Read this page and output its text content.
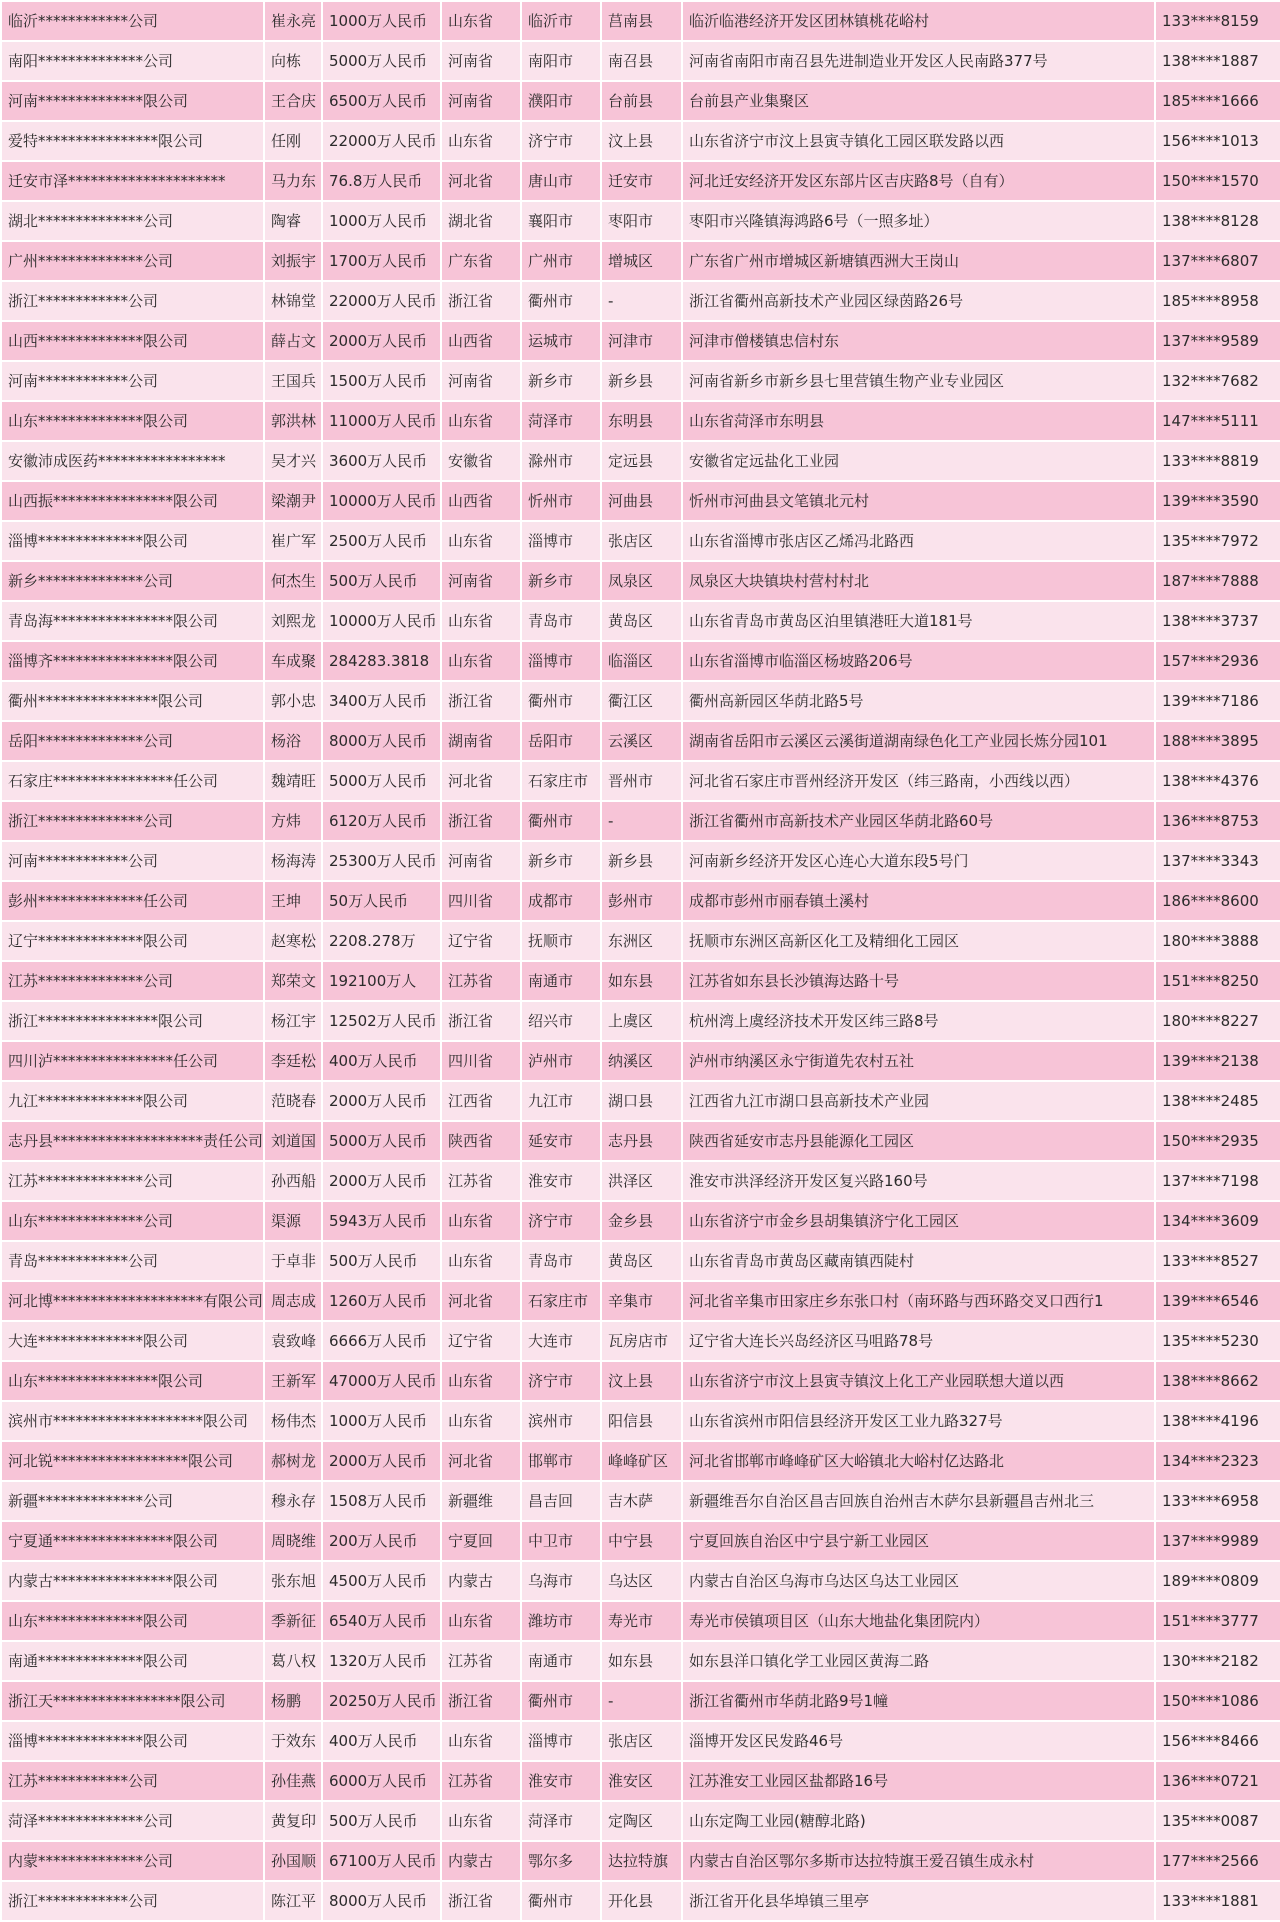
临沂************公司	崔永亮	1000万人民币	山东省	临沂市	莒南县	临沂临港经济开发区团林镇桃花峪村	133****8159
南阳**************公司	向栋	5000万人民币	河南省	南阳市	南召县	河南省南阳市南召县先进制造业开发区人民南路377号	138****1887
河南**************限公司	王合庆	6500万人民币	河南省	濮阳市	台前县	台前县产业集聚区	185****1666
爱特****************限公司	任刚	22000万人民币	山东省	济宁市	汶上县	山东省济宁市汶上县寅寺镇化工园区联发路以西	156****1013
迁安市泽*********************	马力东	76.8万人民币	河北省	唐山市	迁安市	河北迁安经济开发区东部片区吉庆路8号（自有）	150****1570
湖北**************公司	陶睿	1000万人民币	湖北省	襄阳市	枣阳市	枣阳市兴隆镇海鸿路6号（一照多址）	138****8128
广州**************公司	刘振宇	1700万人民币	广东省	广州市	增城区	广东省广州市增城区新塘镇西洲大王岗山	137****6807
浙江************公司	林锦堂	22000万人民币	浙江省	衢州市	-	浙江省衢州高新技术产业园区绿茵路26号	185****8958
山西**************限公司	薛占文	2000万人民币	山西省	运城市	河津市	河津市僧楼镇忠信村东	137****9589
河南************公司	王国兵	1500万人民币	河南省	新乡市	新乡县	河南省新乡市新乡县七里营镇生物产业专业园区	132****7682
山东**************限公司	郭洪林	11000万人民币	山东省	菏泽市	东明县	山东省菏泽市东明县	147****5111
安徽沛成医药*****************	吴才兴	3600万人民币	安徽省	滁州市	定远县	安徽省定远盐化工业园	133****8819
山西振****************限公司	梁潮尹	10000万人民币	山西省	忻州市	河曲县	忻州市河曲县文笔镇北元村	139****3590
淄博**************限公司	崔广军	2500万人民币	山东省	淄博市	张店区	山东省淄博市张店区乙烯冯北路西	135****7972
新乡**************公司	何杰生	500万人民币	河南省	新乡市	凤泉区	凤泉区大块镇块村营村村北	187****7888
青岛海****************限公司	刘熙龙	10000万人民币	山东省	青岛市	黄岛区	山东省青岛市黄岛区泊里镇港旺大道181号	138****3737
淄博齐****************限公司	车成聚	284283.3818	山东省	淄博市	临淄区	山东省淄博市临淄区杨坡路206号	157****2936
衢州****************限公司	郭小忠	3400万人民币	浙江省	衢州市	衢江区	衢州高新园区华荫北路5号	139****7186
岳阳**************公司	杨浴	8000万人民币	湖南省	岳阳市	云溪区	湖南省岳阳市云溪区云溪街道湖南绿色化工产业园长炼分园101	188****3895
石家庄****************任公司	魏靖旺	5000万人民币	河北省	石家庄市	晋州市	河北省石家庄市晋州经济开发区（纬三路南，小西线以西）	138****4376
浙江**************公司	方炜	6120万人民币	浙江省	衢州市	-	浙江省衢州市高新技术产业园区华荫北路60号	136****8753
河南************公司	杨海涛	25300万人民币	河南省	新乡市	新乡县	河南新乡经济开发区心连心大道东段5号门	137****3343
彭州**************任公司	王坤	50万人民币	四川省	成都市	彭州市	成都市彭州市丽春镇土溪村	186****8600
辽宁**************限公司	赵寒松	2208.278万	辽宁省	抚顺市	东洲区	抚顺市东洲区高新区化工及精细化工园区	180****3888
江苏**************公司	郑荣文	192100万人	江苏省	南通市	如东县	江苏省如东县长沙镇海达路十号	151****8250
浙江****************限公司	杨江宇	12502万人民币	浙江省	绍兴市	上虞区	杭州湾上虞经济技术开发区纬三路8号	180****8227
四川泸****************任公司	李廷松	400万人民币	四川省	泸州市	纳溪区	泸州市纳溪区永宁街道先农村五社	139****2138
九江**************限公司	范晓春	2000万人民币	江西省	九江市	湖口县	江西省九江市湖口县高新技术产业园	138****2485
志丹县********************责任公司	刘道国	5000万人民币	陕西省	延安市	志丹县	陕西省延安市志丹县能源化工园区	150****2935
江苏**************公司	孙西船	2000万人民币	江苏省	淮安市	洪泽区	淮安市洪泽经济开发区复兴路160号	137****7198
山东**************公司	渠源	5943万人民币	山东省	济宁市	金乡县	山东省济宁市金乡县胡集镇济宁化工园区	134****3609
青岛************公司	于卓非	500万人民币	山东省	青岛市	黄岛区	山东省青岛市黄岛区藏南镇西陡村	133****8527
河北博********************有限公司	周志成	1260万人民币	河北省	石家庄市	辛集市	河北省辛集市田家庄乡东张口村（南环路与西环路交叉口西行1	139****6546
大连**************限公司	袁致峰	6666万人民币	辽宁省	大连市	瓦房店市	辽宁省大连长兴岛经济区马咀路78号	135****5230
山东****************限公司	王新军	47000万人民币	山东省	济宁市	汶上县	山东省济宁市汶上县寅寺镇汶上化工产业园联想大道以西	138****8662
滨州市********************限公司	杨伟杰	1000万人民币	山东省	滨州市	阳信县	山东省滨州市阳信县经济开发区工业九路327号	138****4196
河北锐******************限公司	郝树龙	2000万人民币	河北省	邯郸市	峰峰矿区	河北省邯郸市峰峰矿区大峪镇北大峪村亿达路北	134****2323
新疆**************公司	穆永存	1508万人民币	新疆维	昌吉回	吉木萨	新疆维吾尔自治区昌吉回族自治州吉木萨尔县新疆昌吉州北三	133****6958
宁夏通****************限公司	周晓维	200万人民币	宁夏回	中卫市	中宁县	宁夏回族自治区中宁县宁新工业园区	137****9989
内蒙古****************限公司	张东旭	4500万人民币	内蒙古	乌海市	乌达区	内蒙古自治区乌海市乌达区乌达工业园区	189****0809
山东**************限公司	季新征	6540万人民币	山东省	潍坊市	寿光市	寿光市侯镇项目区（山东大地盐化集团院内）	151****3777
南通**************限公司	葛八权	1320万人民币	江苏省	南通市	如东县	如东县洋口镇化学工业园区黄海二路	130****2182
浙江天*****************限公司	杨鹏	20250万人民币	浙江省	衢州市	-	浙江省衢州市华荫北路9号1幢	150****1086
淄博**************限公司	于效东	400万人民币	山东省	淄博市	张店区	淄博开发区民发路46号	156****8466
江苏************公司	孙佳燕	6000万人民币	江苏省	淮安市	淮安区	江苏淮安工业园区盐都路16号	136****0721
菏泽**************公司	黄复印	500万人民币	山东省	菏泽市	定陶区	山东定陶工业园(糖醇北路)	135****0087
内蒙**************公司	孙国顺	67100万人民币	内蒙古	鄂尔多	达拉特旗	内蒙古自治区鄂尔多斯市达拉特旗王爱召镇生成永村	177****2566
浙江************公司	陈江平	8000万人民币	浙江省	衢州市	开化县	浙江省开化县华埠镇三里亭	133****1881
